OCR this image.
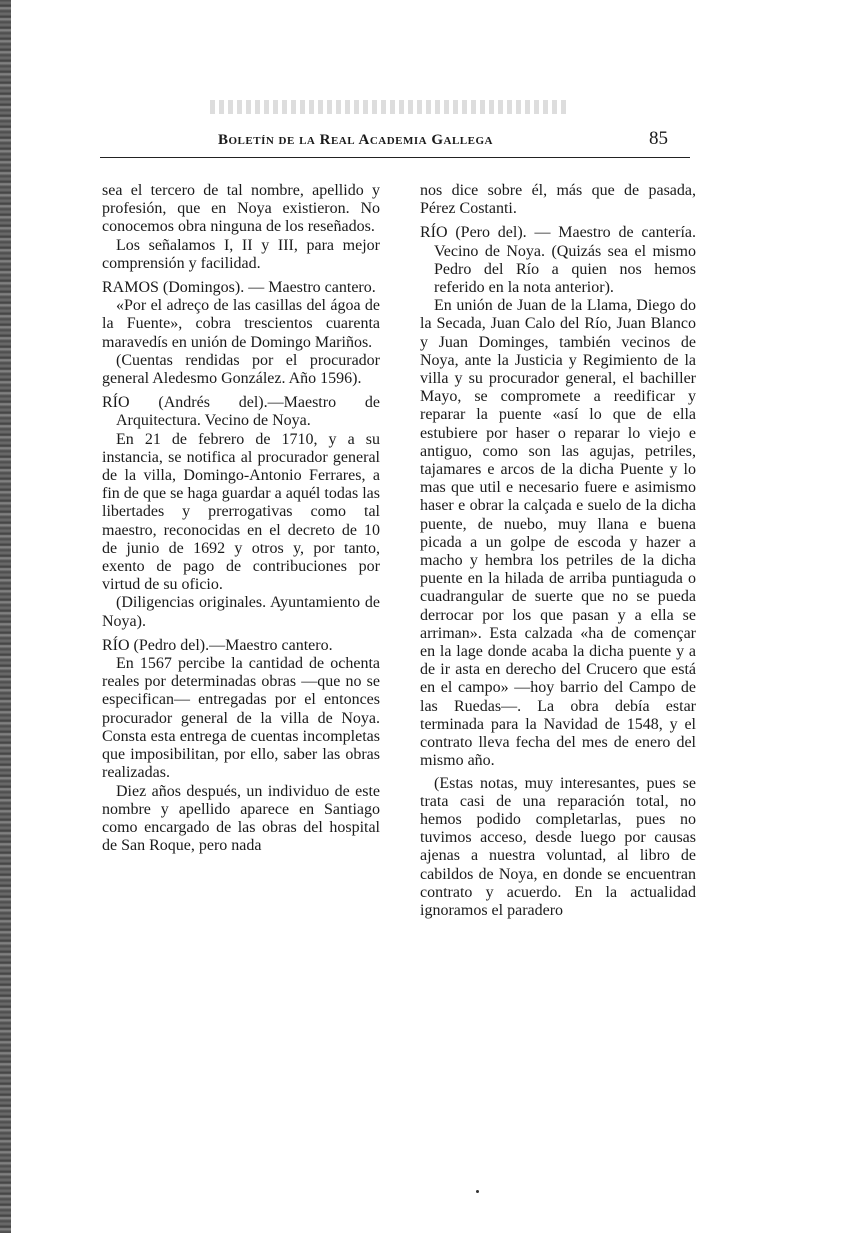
Boletín de la Real Academia Gallega	85

sea el tercero de tal nombre, apellido y profesión, que en Noya existieron. No conocemos obra ninguna de los reseñados.

Los señalamos I, II y III, para mejor comprensión y facilidad.

RAMOS (Domingos). — Maestro cantero.

«Por el adreço de las casillas del ágoa de la Fuente», cobra trescientos cuarenta maravedís en unión de Domingo Mariños.

(Cuentas rendidas por el procurador general Aledesmo González. Año 1596).

RÍO (Andrés del).—Maestro de Arquitectura. Vecino de Noya.

En 21 de febrero de 1710, y a su instancia, se notifica al procurador general de la villa, Domingo-Antonio Ferrares, a fin de que se haga guardar a aquél todas las libertades y prerrogativas como tal maestro, reconocidas en el decreto de 10 de junio de 1692 y otros y, por tanto, exento de pago de contribuciones por virtud de su oficio.

(Diligencias originales. Ayuntamiento de Noya).

RÍO (Pedro del).—Maestro cantero.

En 1567 percibe la cantidad de ochenta reales por determinadas obras —que no se especifican— entregadas por el entonces procurador general de la villa de Noya. Consta esta entrega de cuentas incompletas que imposibilitan, por ello, saber las obras realizadas.

Diez años después, un individuo de este nombre y apellido aparece en Santiago como encargado de las obras del hospital de San Roque, pero nada

nos dice sobre él, más que de pasada, Pérez Costanti.

RÍO (Pero del). — Maestro de cantería. Vecino de Noya. (Quizás sea el mismo Pedro del Río a quien nos hemos referido en la nota anterior).

En unión de Juan de la Llama, Diego do la Secada, Juan Calo del Río, Juan Blanco y Juan Dominges, también vecinos de Noya, ante la Justicia y Regimiento de la villa y su procurador general, el bachiller Mayo, se compromete a reedificar y reparar la puente «así lo que de ella estubiere por haser o reparar lo viejo e antiguo, como son las agujas, petriles, tajamares e arcos de la dicha Puente y lo mas que util e necesario fuere e asimismo haser e obrar la calçada e suelo de la dicha puente, de nuebo, muy llana e buena picada a un golpe de escoda y hazer a macho y hembra los petriles de la dicha puente en la hilada de arriba puntiaguda o cuadrangular de suerte que no se pueda derrocar por los que pasan y a ella se arriman». Esta calzada «ha de començar en la lage donde acaba la dicha puente y a de ir asta en derecho del Crucero que está en el campo» —hoy barrio del Campo de las Ruedas—. La obra debía estar terminada para la Navidad de 1548, y el contrato lleva fecha del mes de enero del mismo año.

(Estas notas, muy interesantes, pues se trata casi de una reparación total, no hemos podido completarlas, pues no tuvimos acceso, desde luego por causas ajenas a nuestra voluntad, al libro de cabildos de Noya, en donde se encuentran contrato y acuerdo. En la actualidad ignoramos el paradero
